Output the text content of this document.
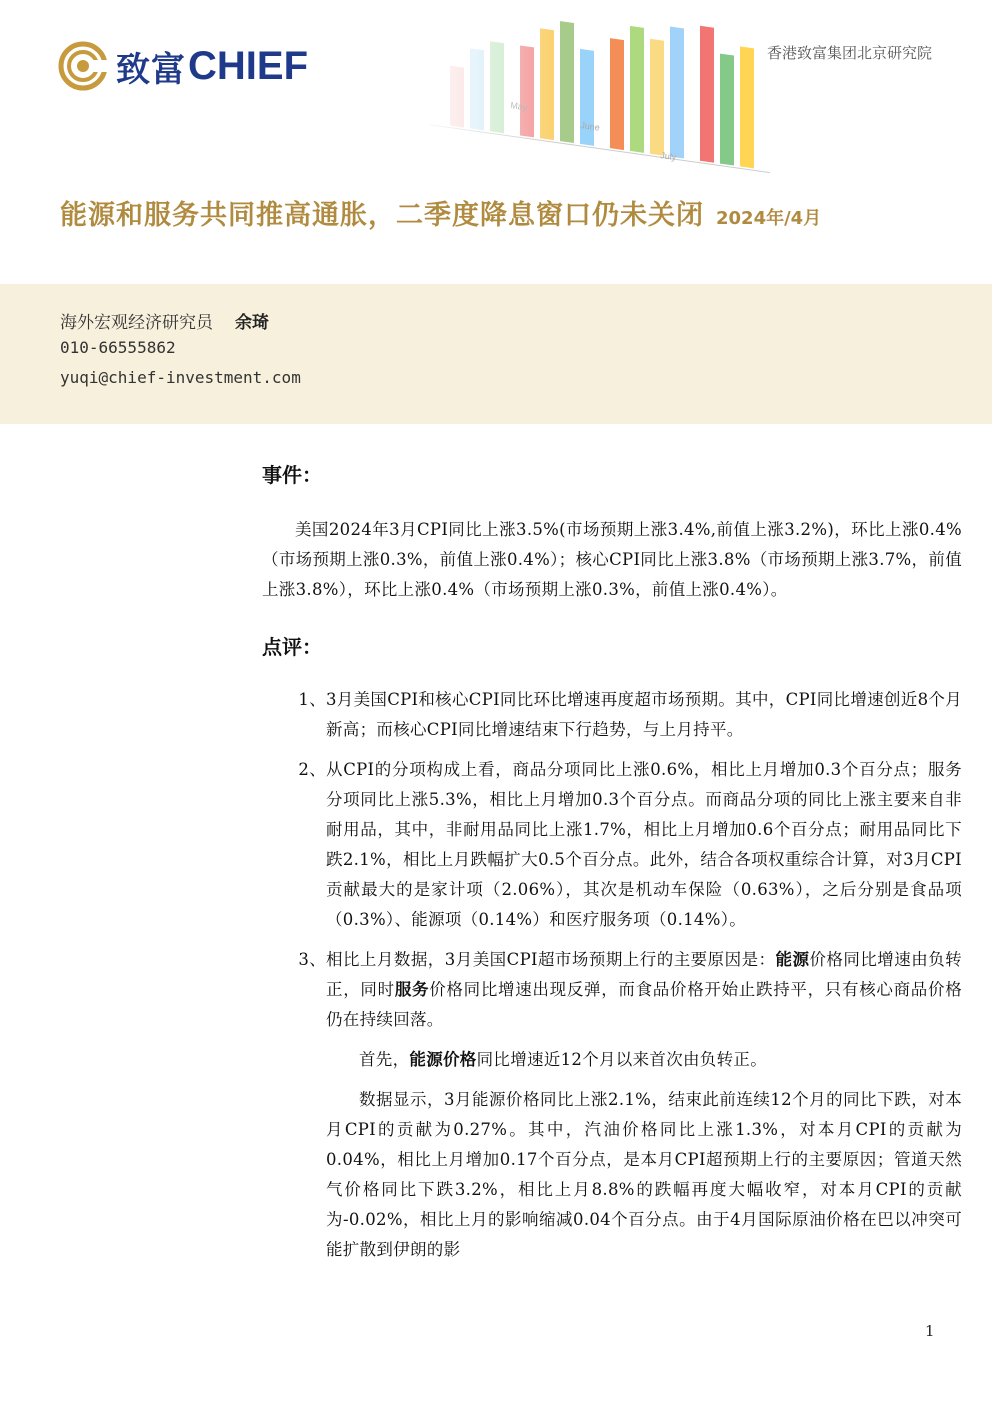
致富 CHIEF	香港致富集团北京研究院
能源和服务共同推高通胀，二季度降息窗口仍未关闭 2024年/4月
海外宏观经济研究员 余琦
010-66555862
yuqi@chief-investment.com
事件：

美国2024年3月CPI同比上涨3.5%(市场预期上涨3.4%,前值上涨3.2%)，环比上涨0.4%（市场预期上涨0.3%，前值上涨0.4%）；核心CPI同比上涨3.8%（市场预期上涨3.7%，前值上涨3.8%），环比上涨0.4%（市场预期上涨0.3%，前值上涨0.4%）。

点评：
1、 3月美国CPI和核心CPI同比环比增速再度超市场预期。其中，CPI同比增速创近8个月新高；而核心CPI同比增速结束下行趋势，与上月持平。
2、 从CPI的分项构成上看，商品分项同比上涨0.6%，相比上月增加0.3个百分点；服务分项同比上涨5.3%，相比上月增加0.3个百分点。而商品分项的同比上涨主要来自非耐用品，其中，非耐用品同比上涨1.7%，相比上月增加0.6个百分点；耐用品同比下跌2.1%，相比上月跌幅扩大0.5个百分点。此外，结合各项权重综合计算，对3月CPI贡献最大的是家计项（2.06%），其次是机动车保险（0.63%），之后分别是食品项（0.3%）、能源项（0.14%）和医疗服务项（0.14%）。
3、 相比上月数据，3月美国CPI超市场预期上行的主要原因是：能源价格同比增速由负转正，同时服务价格同比增速出现反弹，而食品价格开始止跌持平，只有核心商品价格仍在持续回落。
首先，能源价格同比增速近12个月以来首次由负转正。
数据显示，3月能源价格同比上涨2.1%，结束此前连续12个月的同比下跌，对本月CPI的贡献为0.27%。其中，汽油价格同比上涨1.3%，对本月CPI的贡献为0.04%，相比上月增加0.17个百分点，是本月CPI超预期上行的主要原因；管道天然气价格同比下跌3.2%，相比上月8.8%的跌幅再度大幅收窄，对本月CPI的贡献为-0.02%，相比上月的影响缩减0.04个百分点。由于4月国际原油价格在巴以冲突可能扩散到伊朗的影
1
